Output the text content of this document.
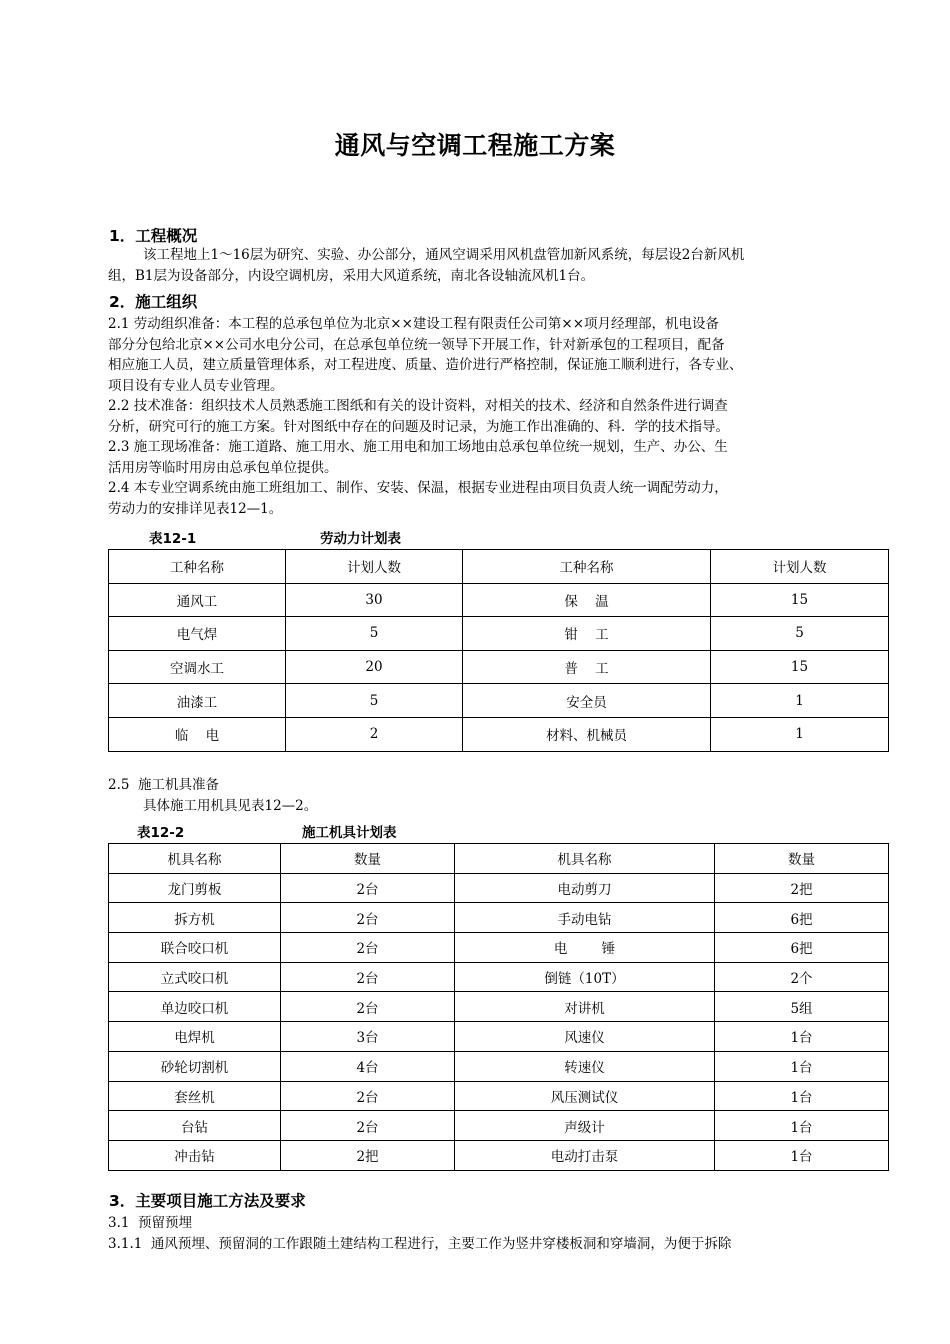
通风与空调工程施工方案
1．工程概况
该工程地上1～16层为研究、实验、办公部分，通风空调采用风机盘管加新风系统，每层设2台新风机
组，B1层为设备部分，内设空调机房，采用大风道系统，南北各设轴流风机1台。
2．施工组织
2.1 劳动组织准备：本工程的总承包单位为北京××建设工程有限责任公司第××项月经理部，机电设备
部分分包给北京××公司水电分公司，在总承包单位统一领导下开展工作，针对新承包的工程项目，配备
相应施工人员，建立质量管理体系，对工程进度、质量、造价进行严格控制，保证施工顺利进行，各专业、
项目设有专业人员专业管理。
2.2 技术准备：组织技术人员熟悉施工图纸和有关的设计资料，对相关的技术、经济和自然条件进行调查
分析，研究可行的施工方案。针对图纸中存在的问题及时记录，为施工作出准确的、科．学的技术指导。
2.3 施工现场准备：施工道路、施工用水、施工用电和加工场地由总承包单位统一规划，生产、办公、生
活用房等临时用房由总承包单位提供。
2.4 本专业空调系统由施工班组加工、制作、安装、保温，根据专业进程由项目负责人统一调配劳动力，
劳动力的安排详见表12—1。
表12-1	劳动力计划表
工种名称	计划人数	工种名称	计划人数
通风工	30	保    温	15
电气焊	5	钳    工	5
空调水工	20	普    工	15
油漆工	5	安全员	1
临    电	2	材料、机械员	1
2.5  施工机具准备
具体施工用机具见表12—2。
表12-2	施工机具计划表
机具名称	数量	机具名称	数量
龙门剪板	2台	电动剪刀	2把
拆方机	2台	手动电钻	6把
联合咬口机	2台	电        锤	6把
立式咬口机	2台	倒链（10T）	2个
单边咬口机	2台	对讲机	5组
电焊机	3台	风速仪	1台
砂轮切割机	4台	转速仪	1台
套丝机	2台	风压测试仪	1台
台钻	2台	声级计	1台
冲击钻	2把	电动打击泵	1台
3．主要项目施工方法及要求
3.1  预留预埋
3.1.1  通风预埋、预留洞的工作跟随土建结构工程进行，主要工作为竖井穿楼板洞和穿墙洞，为便于拆除
